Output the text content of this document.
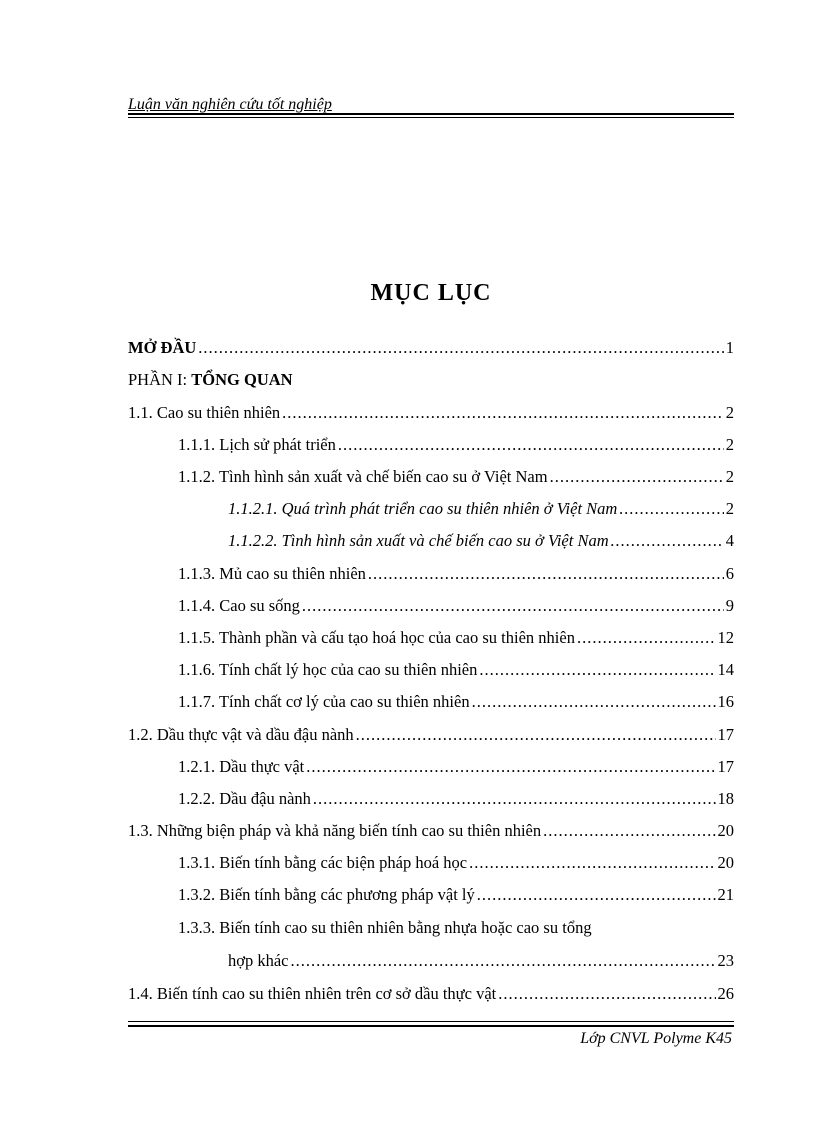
Luận văn nghiên cứu tốt nghiệp
MỤC LỤC
MỞ ĐẦU .....	1
PHẦN I: TỔNG QUAN
1.1. Cao su thiên nhiên .....	2
1.1.1. Lịch sử phát triển .....	2
1.1.2. Tình hình sản xuất và chế biến cao su ở Việt Nam .....	2
1.1.2.1. Quá trình phát triển cao su thiên nhiên ở Việt Nam .....	2
1.1.2.2. Tình hình sản xuất và chế biến cao su ở Việt Nam .....	4
1.1.3. Mủ cao su thiên nhiên .....	6
1.1.4. Cao su sống .....	9
1.1.5. Thành phần và cấu tạo hoá học của cao su thiên nhiên .....	12
1.1.6. Tính chất lý học của cao su thiên nhiên .....	14
1.1.7. Tính chất cơ lý của cao su thiên nhiên .....	16
1.2. Dầu thực vật và dầu đậu nành .....	17
1.2.1. Dầu thực vật .....	17
1.2.2. Dầu đậu nành .....	18
1.3. Những biện pháp và khả năng biến tính cao su thiên nhiên .....	20
1.3.1. Biến tính bằng các biện pháp hoá học .....	20
1.3.2. Biến tính bằng các phương pháp vật lý .....	21
1.3.3. Biến tính cao su thiên nhiên bằng nhựa hoặc cao su tổng
hợp khác .....	23
1.4. Biến tính cao su thiên nhiên trên cơ sở dầu thực vật .....	26
Lớp CNVL Polyme K45
